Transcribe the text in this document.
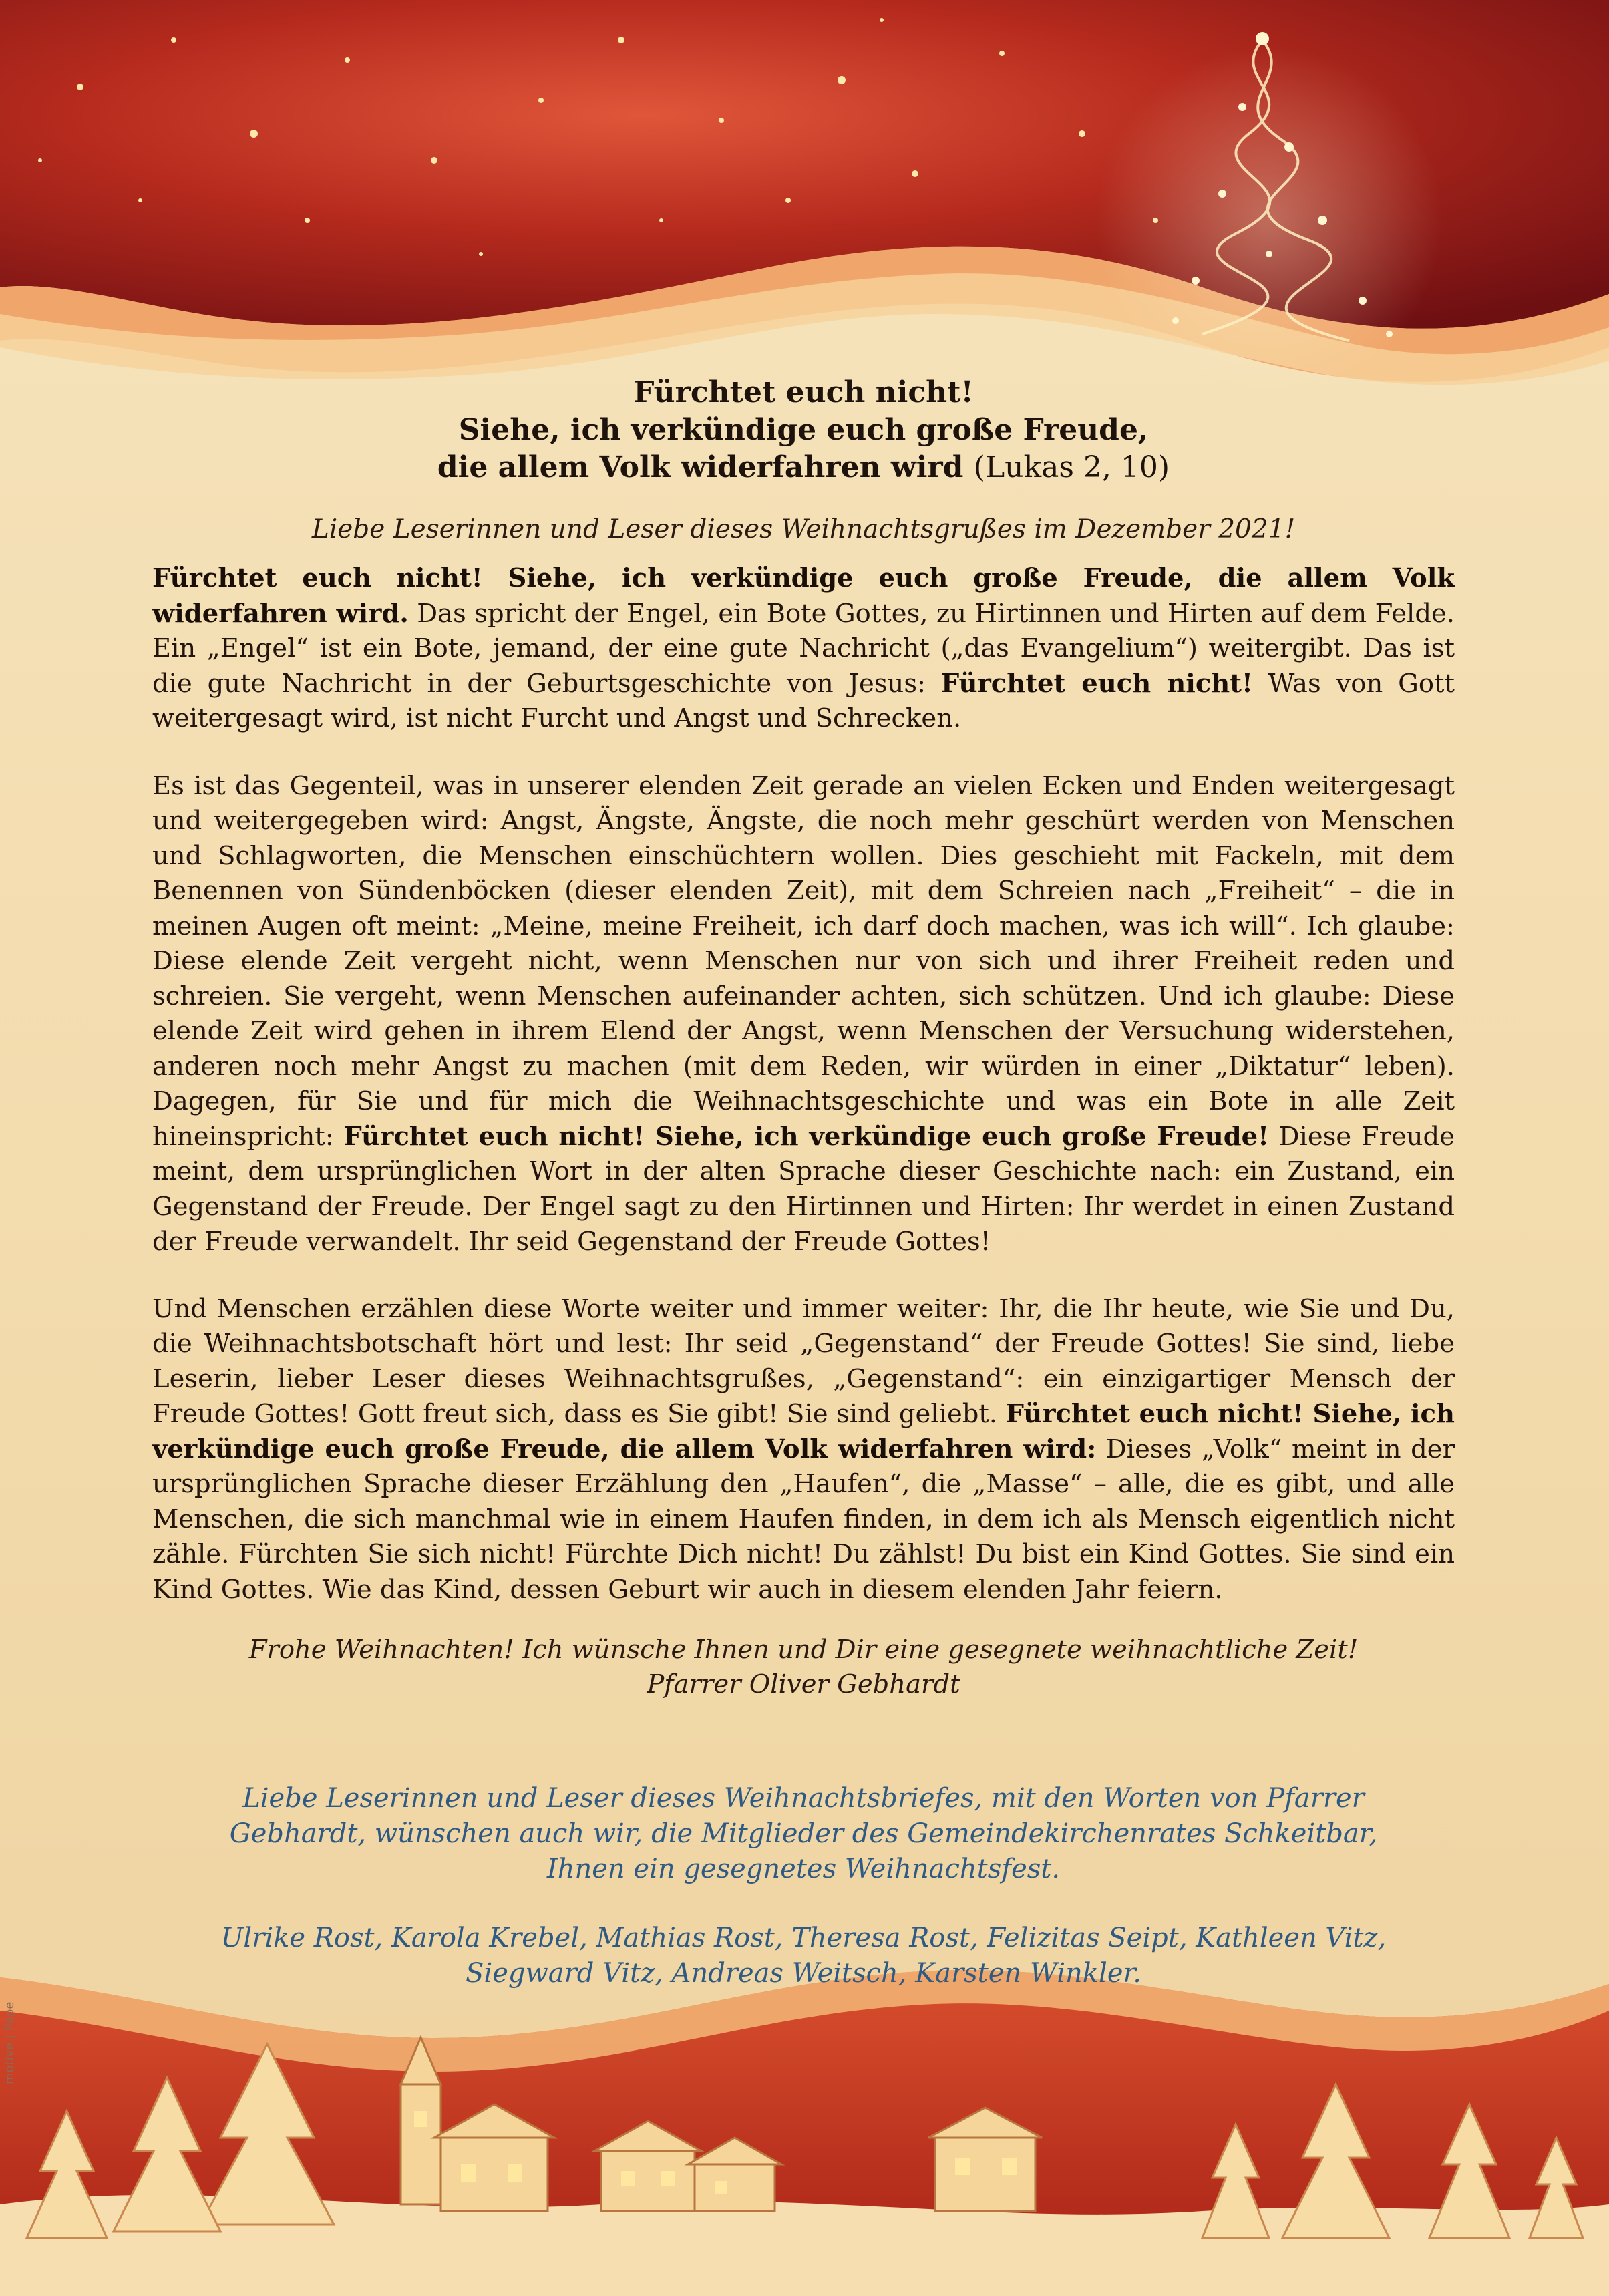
Fürchtet euch nicht!
Siehe, ich verkündige euch große Freude,
die allem Volk widerfahren wird (Lukas 2, 10)

Liebe Leserinnen und Leser dieses Weihnachtsgrußes im Dezember 2021!

Fürchtet euch nicht! Siehe, ich verkündige euch große Freude, die allem Volk widerfahren wird. Das spricht der Engel, ein Bote Gottes, zu Hirtinnen und Hirten auf dem Felde. Ein „Engel“ ist ein Bote, jemand, der eine gute Nachricht („das Evangelium“) weitergibt. Das ist die gute Nachricht in der Geburtsgeschichte von Jesus: Fürchtet euch nicht! Was von Gott weitergesagt wird, ist nicht Furcht und Angst und Schrecken.

Es ist das Gegenteil, was in unserer elenden Zeit gerade an vielen Ecken und Enden weitergesagt und weitergegeben wird: Angst, Ängste, Ängste, die noch mehr geschürt werden von Menschen und Schlagworten, die Menschen einschüchtern wollen. Dies geschieht mit Fackeln, mit dem Benennen von Sündenböcken (dieser elenden Zeit), mit dem Schreien nach „Freiheit“ – die in meinen Augen oft meint: „Meine, meine Freiheit, ich darf doch machen, was ich will“. Ich glaube: Diese elende Zeit vergeht nicht, wenn Menschen nur von sich und ihrer Freiheit reden und schreien. Sie vergeht, wenn Menschen aufeinander achten, sich schützen. Und ich glaube: Diese elende Zeit wird gehen in ihrem Elend der Angst, wenn Menschen der Versuchung widerstehen, anderen noch mehr Angst zu machen (mit dem Reden, wir würden in einer „Diktatur“ leben). Dagegen, für Sie und für mich die Weihnachtsgeschichte und was ein Bote in alle Zeit hineinspricht: Fürchtet euch nicht! Siehe, ich verkündige euch große Freude! Diese Freude meint, dem ursprünglichen Wort in der alten Sprache dieser Geschichte nach: ein Zustand, ein Gegenstand der Freude. Der Engel sagt zu den Hirtinnen und Hirten: Ihr werdet in einen Zustand der Freude verwandelt. Ihr seid Gegenstand der Freude Gottes!

Und Menschen erzählen diese Worte weiter und immer weiter: Ihr, die Ihr heute, wie Sie und Du, die Weihnachtsbotschaft hört und lest: Ihr seid „Gegenstand“ der Freude Gottes! Sie sind, liebe Leserin, lieber Leser dieses Weihnachtsgrußes, „Gegenstand“: ein einzigartiger Mensch der Freude Gottes! Gott freut sich, dass es Sie gibt! Sie sind geliebt. Fürchtet euch nicht! Siehe, ich verkündige euch große Freude, die allem Volk widerfahren wird: Dieses „Volk“ meint in der ursprünglichen Sprache dieser Erzählung den „Haufen“, die „Masse“ – alle, die es gibt, und alle Menschen, die sich manchmal wie in einem Haufen finden, in dem ich als Mensch eigentlich nicht zähle. Fürchten Sie sich nicht! Fürchte Dich nicht! Du zählst! Du bist ein Kind Gottes. Sie sind ein Kind Gottes. Wie das Kind, dessen Geburt wir auch in diesem elenden Jahr feiern.

Frohe Weihnachten! Ich wünsche Ihnen und Dir eine gesegnete weihnachtliche Zeit!
Pfarrer Oliver Gebhardt

Liebe Leserinnen und Leser dieses Weihnachtsbriefes, mit den Worten von Pfarrer
Gebhardt, wünschen auch wir, die Mitglieder des Gemeindekirchenrates Schkeitbar,
Ihnen ein gesegnetes Weihnachtsfest.

Ulrike Rost, Karola Krebel, Mathias Rost, Theresa Rost, Felizitas Seipt, Kathleen Vitz,
Siegward Vitz, Andreas Weitsch, Karsten Winkler.

motive | Pape
